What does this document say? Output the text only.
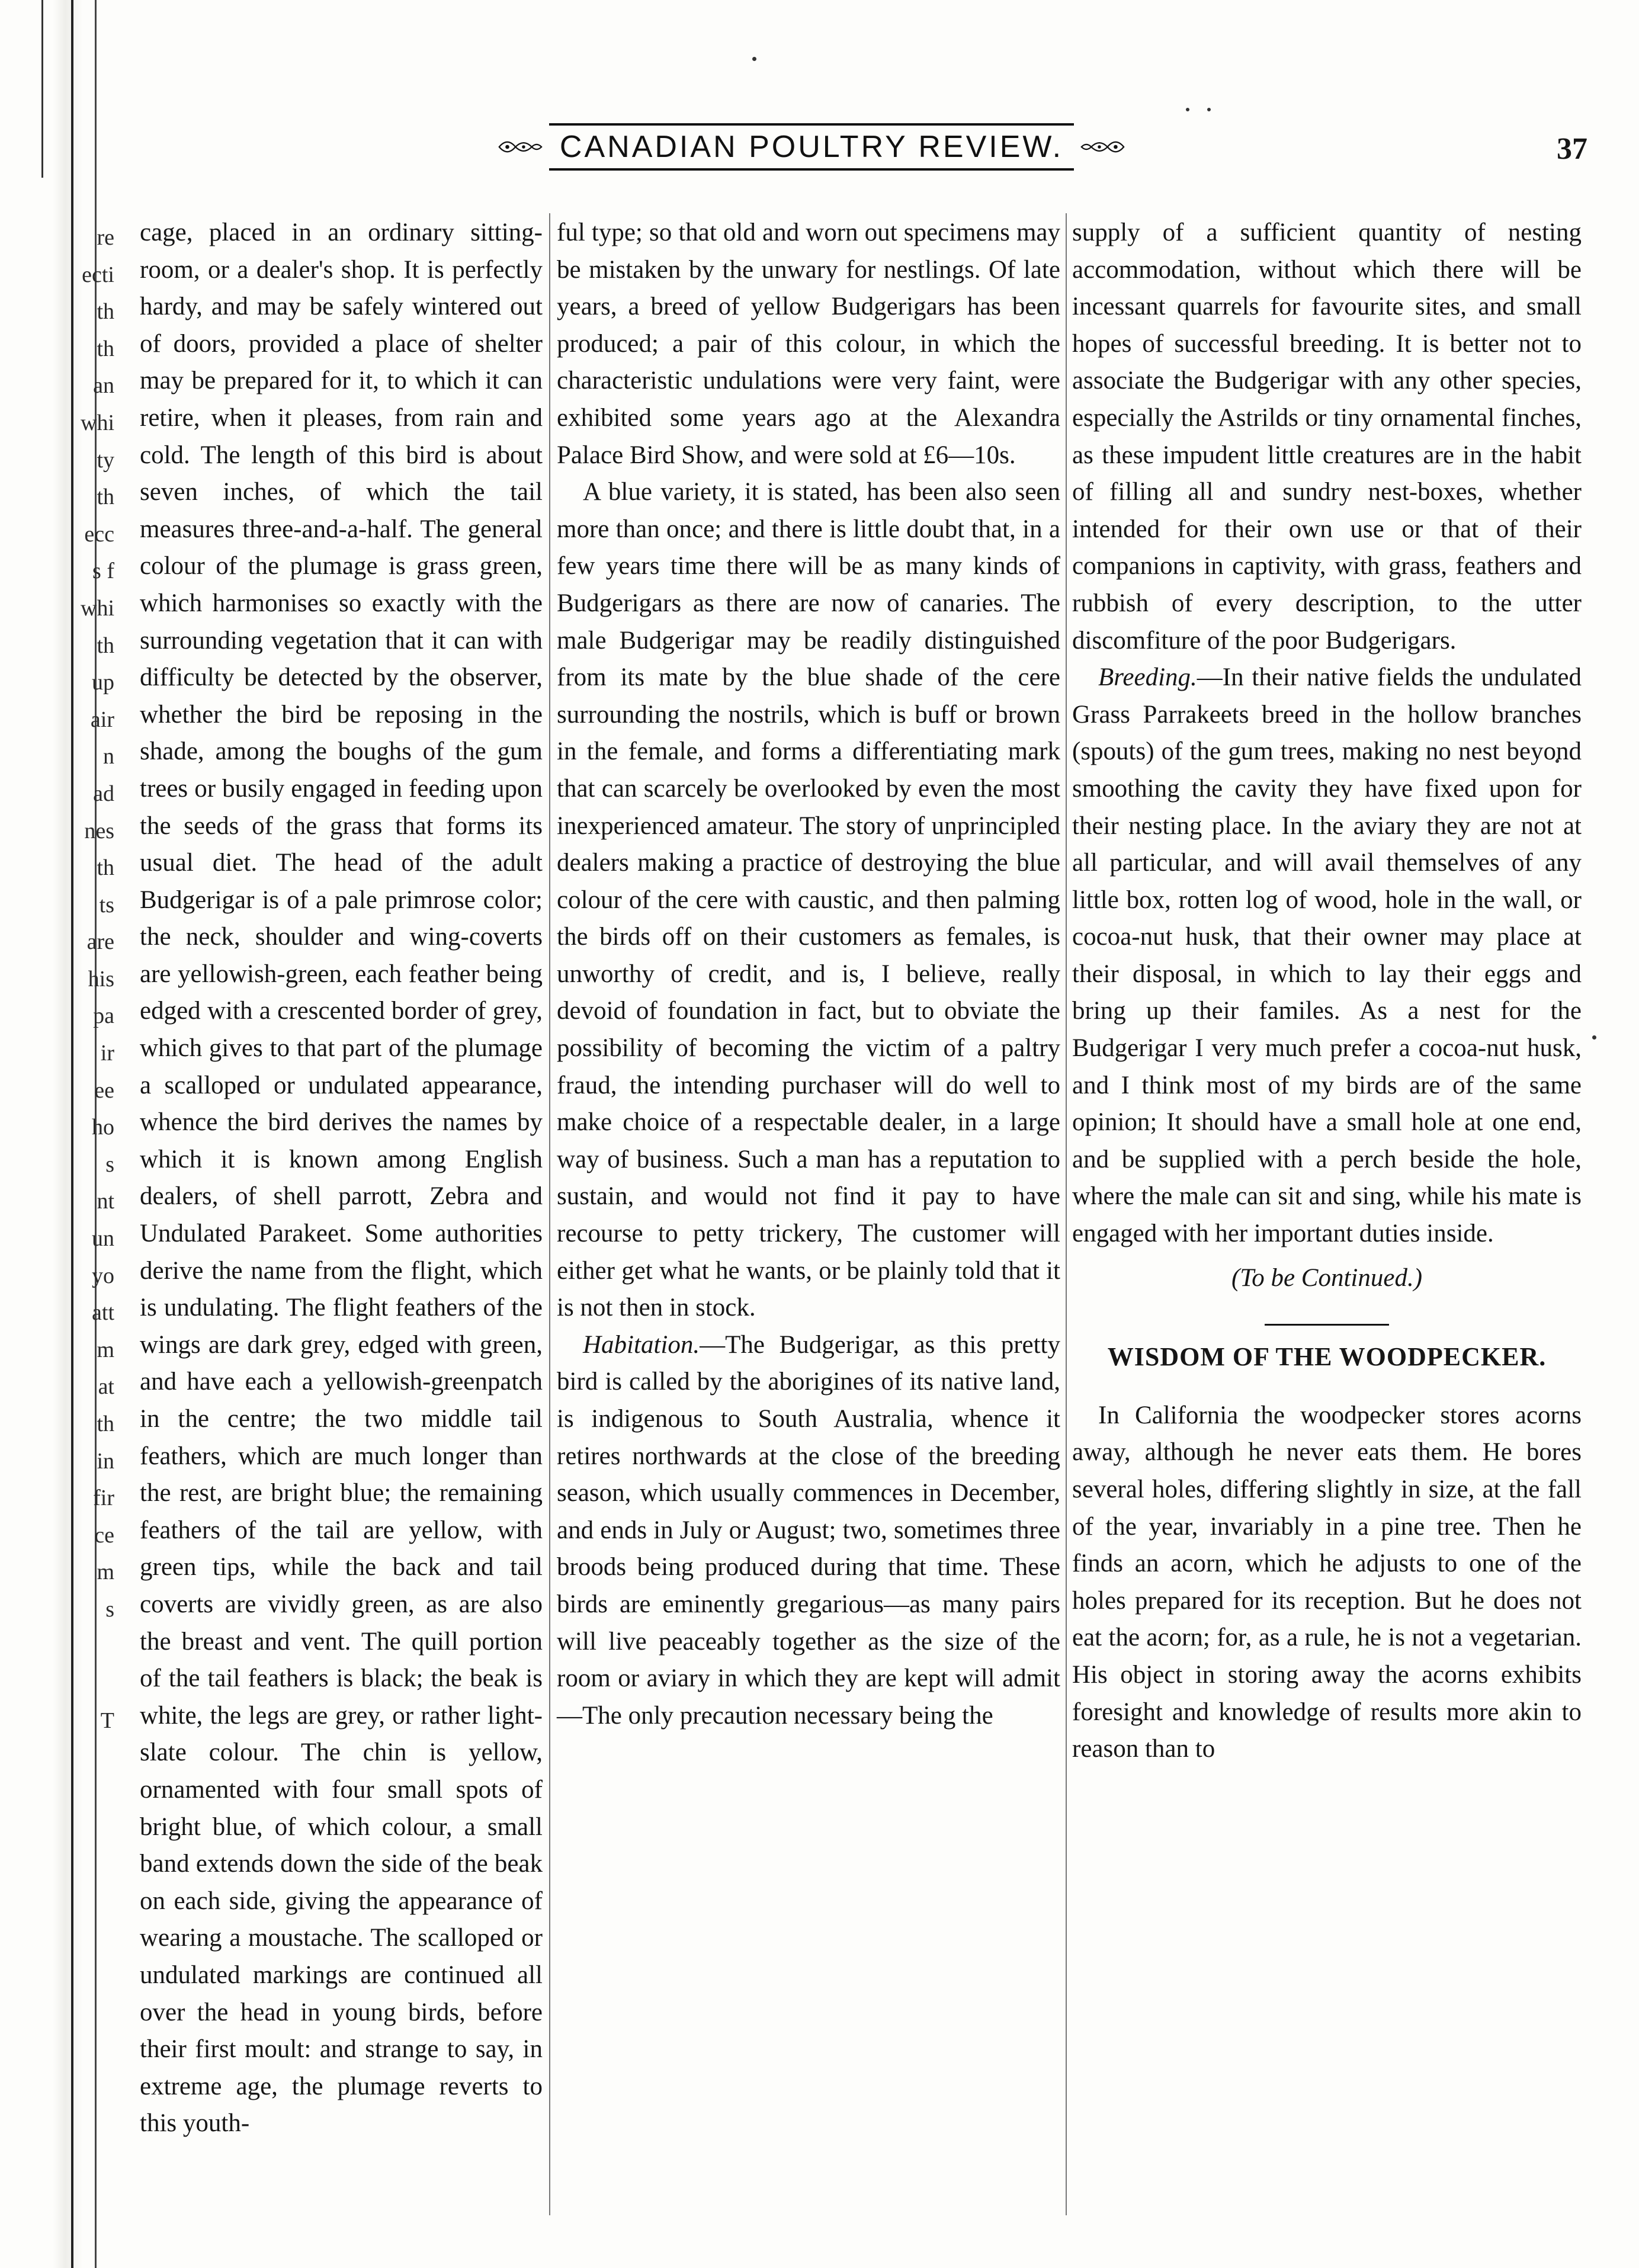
re
ecti
th
th
an
whi
ty
th
ecc
s f
whi
th
up
air
n
ad
nes
th
ts
are
his
pa
ir
ee
ho
s
nt
un
yo
att
m
at
th
in
fir
ce
m
s
T
CANADIAN POULTRY REVIEW.	37
cage, placed in an ordinary sitting-room, or a dealer's shop. It is perfectly hardy, and may be safely wintered out of doors, provided a place of shelter may be prepared for it, to which it can retire, when it pleases, from rain and cold. The length of this bird is about seven inches, of which the tail measures three-and-a-half. The general colour of the plumage is grass green, which harmonises so exactly with the surrounding vegetation that it can with difficulty be detected by the observer, whether the bird be reposing in the shade, among the boughs of the gum trees or busily engaged in feeding upon the seeds of the grass that forms its usual diet. The head of the adult Budgerigar is of a pale primrose color; the neck, shoulder and wing-coverts are yellowish-green, each feather being edged with a crescented border of grey, which gives to that part of the plumage a scalloped or undulated appearance, whence the bird derives the names by which it is known among English dealers, of shell parrott, Zebra and Undulated Parakeet. Some authorities derive the name from the flight, which is undulating. The flight feathers of the wings are dark grey, edged with green, and have each a yellowish-greenpatch in the centre; the two middle tail feathers, which are much longer than the rest, are bright blue; the remaining feathers of the tail are yellow, with green tips, while the back and tail coverts are vividly green, as are also the breast and vent. The quill portion of the tail feathers is black; the beak is white, the legs are grey, or rather light-slate colour. The chin is yellow, ornamented with four small spots of bright blue, of which colour, a small band extends down the side of the beak on each side, giving the appearance of wearing a moustache. The scalloped or undulated markings are continued all over the head in young birds, before their first moult: and strange to say, in extreme age, the plumage reverts to this youth-
ful type; so that old and worn out specimens may be mistaken by the unwary for nestlings. Of late years, a breed of yellow Budgerigars has been produced; a pair of this colour, in which the characteristic undulations were very faint, were exhibited some years ago at the Alexandra Palace Bird Show, and were sold at £6—10s.
A blue variety, it is stated, has been also seen more than once; and there is little doubt that, in a few years time there will be as many kinds of Budgerigars as there are now of canaries. The male Budgerigar may be readily distinguished from its mate by the blue shade of the cere surrounding the nostrils, which is buff or brown in the female, and forms a differentiating mark that can scarcely be overlooked by even the most inexperienced amateur. The story of unprincipled dealers making a practice of destroying the blue colour of the cere with caustic, and then palming the birds off on their customers as females, is unworthy of credit, and is, I believe, really devoid of foundation in fact, but to obviate the possibility of becoming the victim of a paltry fraud, the intending purchaser will do well to make choice of a respectable dealer, in a large way of business. Such a man has a reputation to sustain, and would not find it pay to have recourse to petty trickery, The customer will either get what he wants, or be plainly told that it is not then in stock.
Habitation.—The Budgerigar, as this pretty bird is called by the aborigines of its native land, is indigenous to South Australia, whence it retires northwards at the close of the breeding season, which usually commences in December, and ends in July or August; two, sometimes three broods being produced during that time. These birds are eminently gregarious—as many pairs will live peaceably together as the size of the room or aviary in which they are kept will admit—The only precaution necessary being the
supply of a sufficient quantity of nesting accommodation, without which there will be incessant quarrels for favourite sites, and small hopes of successful breeding. It is better not to associate the Budgerigar with any other species, especially the Astrilds or tiny ornamental finches, as these impudent little creatures are in the habit of filling all and sundry nest-boxes, whether intended for their own use or that of their companions in captivity, with grass, feathers and rubbish of every description, to the utter discomfiture of the poor Budgerigars.
Breeding.—In their native fields the undulated Grass Parrakeets breed in the hollow branches (spouts) of the gum trees, making no nest beyond smoothing the cavity they have fixed upon for their nesting place. In the aviary they are not at all particular, and will avail themselves of any little box, rotten log of wood, hole in the wall, or cocoa-nut husk, that their owner may place at their disposal, in which to lay their eggs and bring up their familes. As a nest for the Budgerigar I very much prefer a cocoa-nut husk, and I think most of my birds are of the same opinion; It should have a small hole at one end, and be supplied with a perch beside the hole, where the male can sit and sing, while his mate is engaged with her important duties inside.
(To be Continued.)
WISDOM OF THE WOODPECKER.
In California the woodpecker stores acorns away, although he never eats them. He bores several holes, differing slightly in size, at the fall of the year, invariably in a pine tree. Then he finds an acorn, which he adjusts to one of the holes prepared for its reception. But he does not eat the acorn; for, as a rule, he is not a vegetarian. His object in storing away the acorns exhibits foresight and knowledge of results more akin to reason than to
